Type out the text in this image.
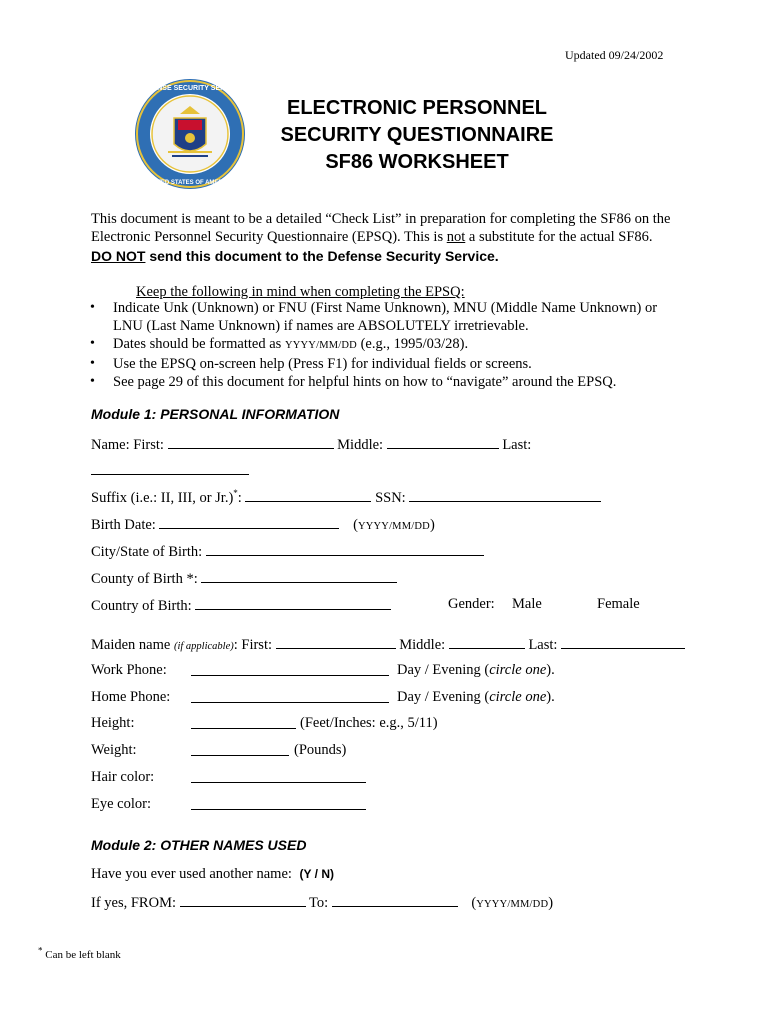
Updated 09/24/2002
DEFENSE SECURITY SERVICE
UNITED STATES OF AMERICA
ELECTRONIC PERSONNEL
SECURITY QUESTIONNAIRE
SF86 WORKSHEET
This document is meant to be a detailed “Check List” in preparation for completing the SF86 on the
Electronic Personnel Security Questionnaire (EPSQ). This is not a substitute for the actual SF86.
DO NOT send this document to the Defense Security Service.
Keep the following in mind when completing the EPSQ:
• Indicate Unk (Unknown) or FNU (First Name Unknown), MNU (Middle Name Unknown) or
LNU (Last Name Unknown) if names are ABSOLUTELY irretrievable.
• Dates should be formatted as YYYY/MM/DD (e.g., 1995/03/28).
• Use the EPSQ on-screen help (Press F1) for individual fields or screens.
• See page 29 of this document for helpful hints on how to “navigate” around the EPSQ.
Module 1: PERSONAL INFORMATION
Name: First:	Middle:	Last:
Suffix (i.e.: II, III, or Jr.)*:	SSN:
Birth Date:	(YYYY/MM/DD)
City/State of Birth:
County of Birth *:
Country of Birth:	Gender: Male	Female
Maiden name (if applicable): First:	Middle:	Last:
Work Phone:	Day / Evening (circle one).
Home Phone:	Day / Evening (circle one).
Height:	(Feet/Inches: e.g., 5/11)
Weight:	(Pounds)
Hair color:
Eye color:
Module 2: OTHER NAMES USED
Have you ever used another name: (Y / N)
If yes, FROM:	To:	(YYYY/MM/DD)
* Can be left blank
